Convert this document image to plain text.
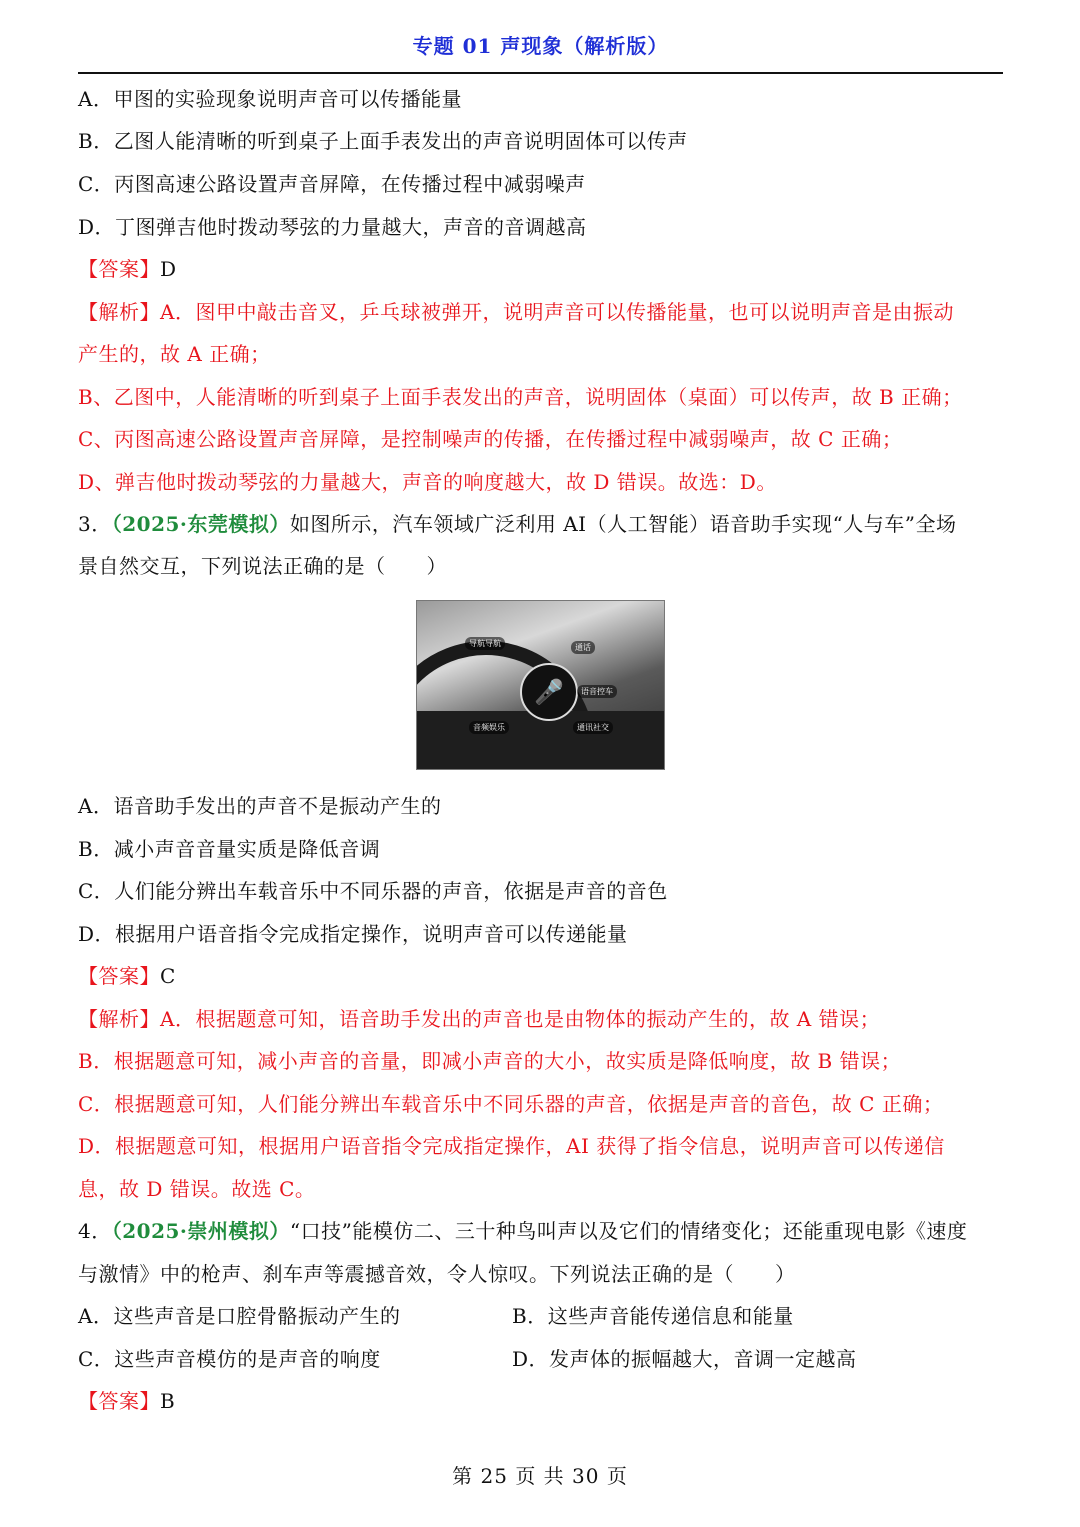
专题 01 声现象（解析版）
A．甲图的实验现象说明声音可以传播能量
B．乙图人能清晰的听到桌子上面手表发出的声音说明固体可以传声
C．丙图高速公路设置声音屏障，在传播过程中减弱噪声
D．丁图弹吉他时拨动琴弦的力量越大，声音的音调越高
【答案】D
【解析】A．图甲中敲击音叉，乒乓球被弹开，说明声音可以传播能量，也可以说明声音是由振动
产生的，故 A 正确；
B、乙图中，人能清晰的听到桌子上面手表发出的声音，说明固体（桌面）可以传声，故 B 正确；
C、丙图高速公路设置声音屏障，是控制噪声的传播，在传播过程中减弱噪声，故 C 正确；
D、弹吉他时拨动琴弦的力量越大，声音的响度越大，故 D 错误。故选：D。
3．（2025·东莞模拟）如图所示，汽车领域广泛利用 AI（人工智能）语音助手实现“人与车”全场
景自然交互，下列说法正确的是（　　）
🎤
导航导航
语音控车
音频娱乐	通讯社交
通话
A．语音助手发出的声音不是振动产生的
B．减小声音音量实质是降低音调
C．人们能分辨出车载音乐中不同乐器的声音，依据是声音的音色
D．根据用户语音指令完成指定操作，说明声音可以传递能量
【答案】C
【解析】A．根据题意可知，语音助手发出的声音也是由物体的振动产生的，故 A 错误；
B．根据题意可知，减小声音的音量，即减小声音的大小，故实质是降低响度，故 B 错误；
C．根据题意可知，人们能分辨出车载音乐中不同乐器的声音，依据是声音的音色，故 C 正确；
D．根据题意可知，根据用户语音指令完成指定操作，AI 获得了指令信息，说明声音可以传递信
息，故 D 错误。故选 C。
4．（2025·崇州模拟）“口技”能模仿二、三十种鸟叫声以及它们的情绪变化；还能重现电影《速度
与激情》中的枪声、刹车声等震撼音效，令人惊叹。下列说法正确的是（　　）
A．这些声音是口腔骨骼振动产生的	B．这些声音能传递信息和能量
C．这些声音模仿的是声音的响度	D．发声体的振幅越大，音调一定越高
【答案】B
第 25 页 共 30 页
